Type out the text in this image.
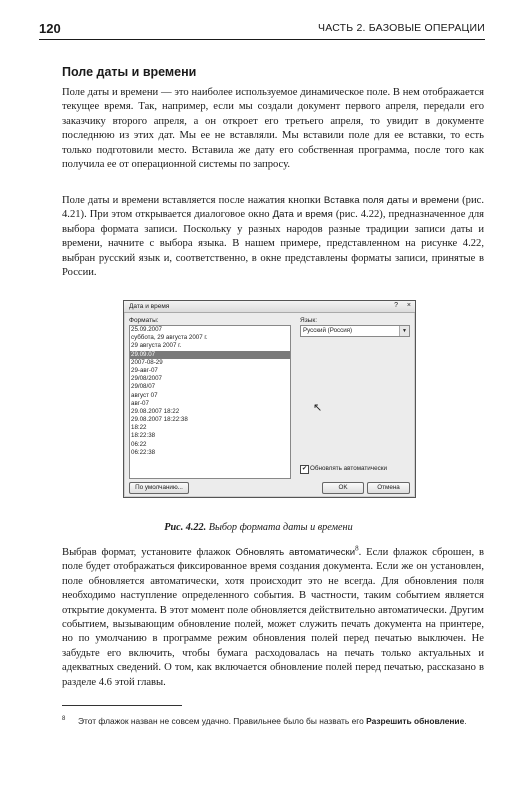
120	ЧАСТЬ 2. БАЗОВЫЕ ОПЕРАЦИИ
Поле даты и времени

Поле даты и времени — это наиболее используемое динамическое поле. В нем отображается текущее время. Так, например, если мы создали документ первого апреля, передали его заказчику второго апреля, а он откроет его третьего апреля, то увидит в документе последнюю из этих дат. Мы ее не вставляли. Мы вставили поле для ее вставки, то есть только подготовили место. Вставила же дату его собственная программа, после того как получила ее от операционной системы по запросу.

Поле даты и времени вставляется после нажатия кнопки Вставка поля даты и времени (рис. 4.21). При этом открывается диалоговое окно Дата и время (рис. 4.22), предназначенное для выбора формата записи. Поскольку у разных народов разные традиции записи даты и времени, начните с выбора языка. В нашем примере, представленном на рисунке 4.22, выбран русский язык и, соответственно, в окне представлены форматы записи, принятые в России.

Дата и время	? ×
Форматы:
25.09.2007
суббота, 29 августа 2007 г.
29 августа 2007 г.
29.09.07
2007-08-29
29-авг-07
29/08/2007
29/08/07
август 07
авг-07
29.08.2007 18:22
29.08.2007 18:22:38
18:22
18:22:38
06:22
06:22:38
Язык:
Русский (Россия)	▼
↖
✔ Обновлять автоматически
По умолчанию...	OK	Отмена
Рис. 4.22. Выбор формата даты и времени

Выбрав формат, установите флажок Обновлять автоматически$^8$. Если флажок сброшен, в поле будет отображаться фиксированное время создания документа. Если же он установлен, поле обновляется автоматически, хотя происходит это не всегда. Для обновления поля необходимо наступление определенного события. В частности, таким событием является открытие документа. В этот момент поле обновляется действительно автоматически. Другим событием, вызывающим обновление полей, может служить печать документа на принтере, но по умолчанию в программе режим обновления полей перед печатью выключен. Не забудьте его включить, чтобы бумага расходовалась на печать только актуальных и адекватных сведений. О том, как включается обновление полей перед печатью, рассказано в разделе 4.6 этой главы.

8 Этот флажок назван не совсем удачно. Правильнее было бы назвать его Разрешить обновление.
